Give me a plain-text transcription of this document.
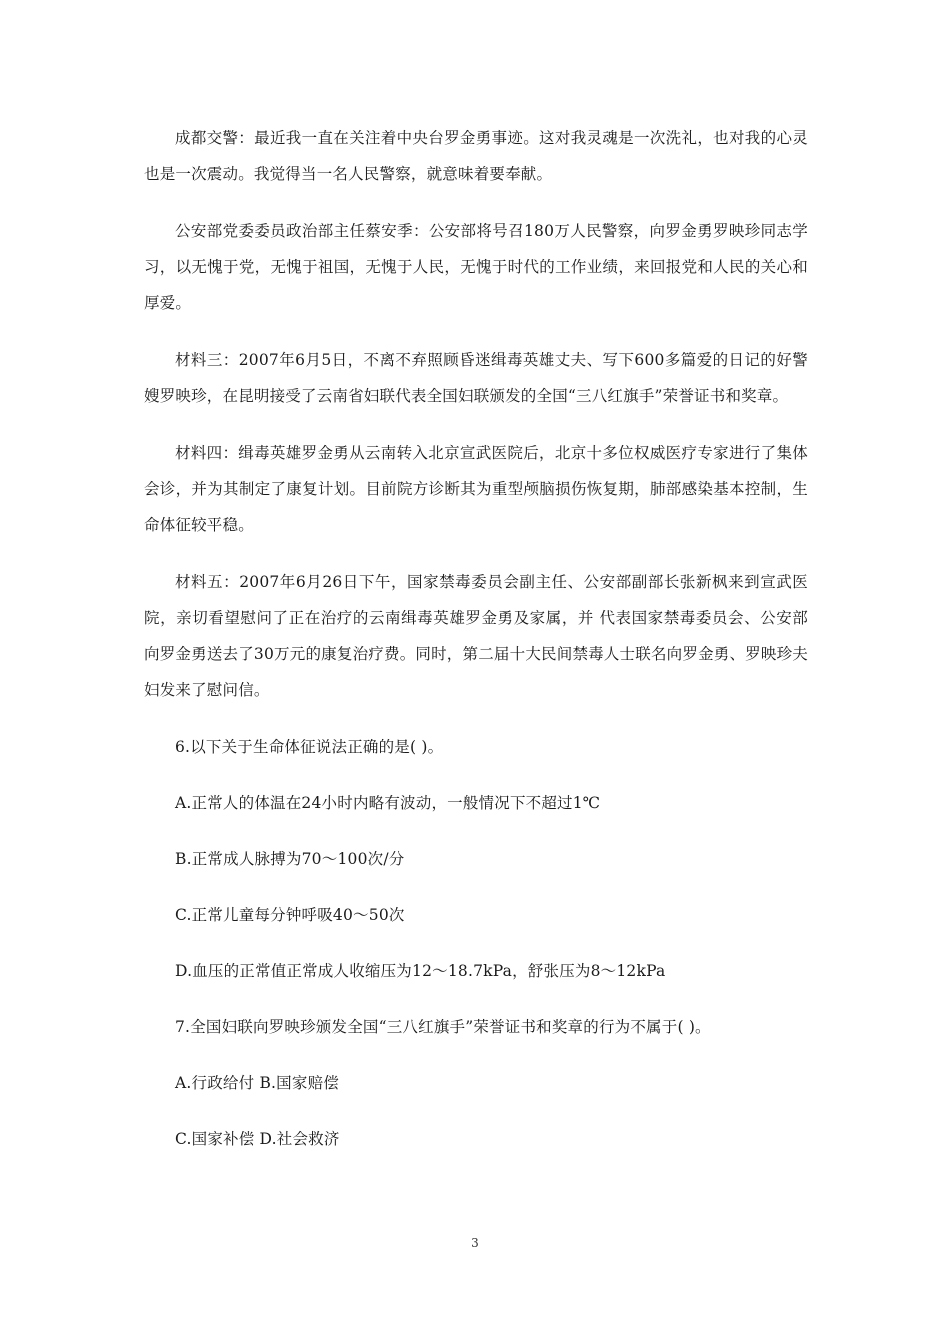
成都交警：最近我一直在关注着中央台罗金勇事迹。这对我灵魂是一次洗礼，也对我的心灵也是一次震动。我觉得当一名人民警察，就意味着要奉献。

公安部党委委员政治部主任蔡安季：公安部将号召180万人民警察，向罗金勇罗映珍同志学习，以无愧于党，无愧于祖国，无愧于人民，无愧于时代的工作业绩，来回报党和人民的关心和厚爱。

材料三：2007年6月5日，不离不弃照顾昏迷缉毒英雄丈夫、写下600多篇爱的日记的好警嫂罗映珍，在昆明接受了云南省妇联代表全国妇联颁发的全国“三八红旗手”荣誉证书和奖章。

材料四：缉毒英雄罗金勇从云南转入北京宣武医院后，北京十多位权威医疗专家进行了集体会诊，并为其制定了康复计划。目前院方诊断其为重型颅脑损伤恢复期，肺部感染基本控制，生命体征较平稳。

材料五：2007年6月26日下午，国家禁毒委员会副主任、公安部副部长张新枫来到宣武医院，亲切看望慰问了正在治疗的云南缉毒英雄罗金勇及家属，并 代表国家禁毒委员会、公安部向罗金勇送去了30万元的康复治疗费。同时，第二届十大民间禁毒人士联名向罗金勇、罗映珍夫妇发来了慰问信。

6.以下关于生命体征说法正确的是( )。

A.正常人的体温在24小时内略有波动，一般情况下不超过1℃

B.正常成人脉搏为70～100次/分

C.正常儿童每分钟呼吸40～50次

D.血压的正常值正常成人收缩压为12～18.7kPa，舒张压为8～12kPa

7.全国妇联向罗映珍颁发全国“三八红旗手”荣誉证书和奖章的行为不属于( )。

A.行政给付 B.国家赔偿

C.国家补偿 D.社会救济

3
